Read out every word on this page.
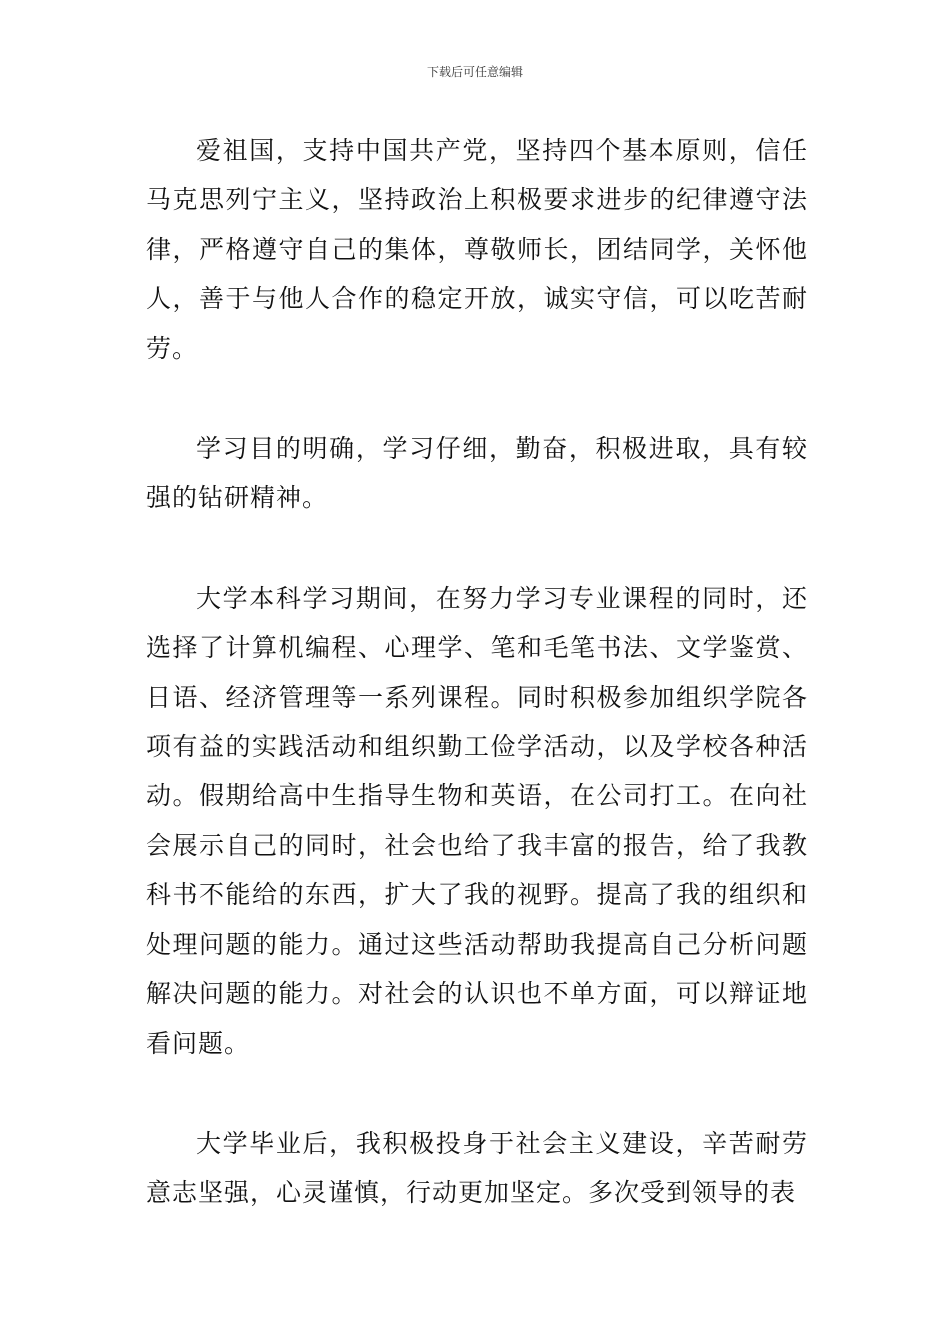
下载后可任意编辑

爱祖国，支持中国共产党，坚持四个基本原则，信任马克思列宁主义，坚持政治上积极要求进步的纪律遵守法律，严格遵守自己的集体，尊敬师长，团结同学，关怀他人，善于与他人合作的稳定开放，诚实守信，可以吃苦耐劳。

学习目的明确，学习仔细，勤奋，积极进取，具有较强的钻研精神。

大学本科学习期间，在努力学习专业课程的同时，还选择了计算机编程、心理学、笔和毛笔书法、文学鉴赏、日语、经济管理等一系列课程。同时积极参加组织学院各项有益的实践活动和组织勤工俭学活动，以及学校各种活动。假期给高中生指导生物和英语，在公司打工。在向社会展示自己的同时，社会也给了我丰富的报告，给了我教科书不能给的东西，扩大了我的视野。提高了我的组织和处理问题的能力。通过这些活动帮助我提高自己分析问题解决问题的能力。对社会的认识也不单方面，可以辩证地看问题。

大学毕业后，我积极投身于社会主义建设，辛苦耐劳意志坚强，心灵谨慎，行动更加坚定。多次受到领导的表
